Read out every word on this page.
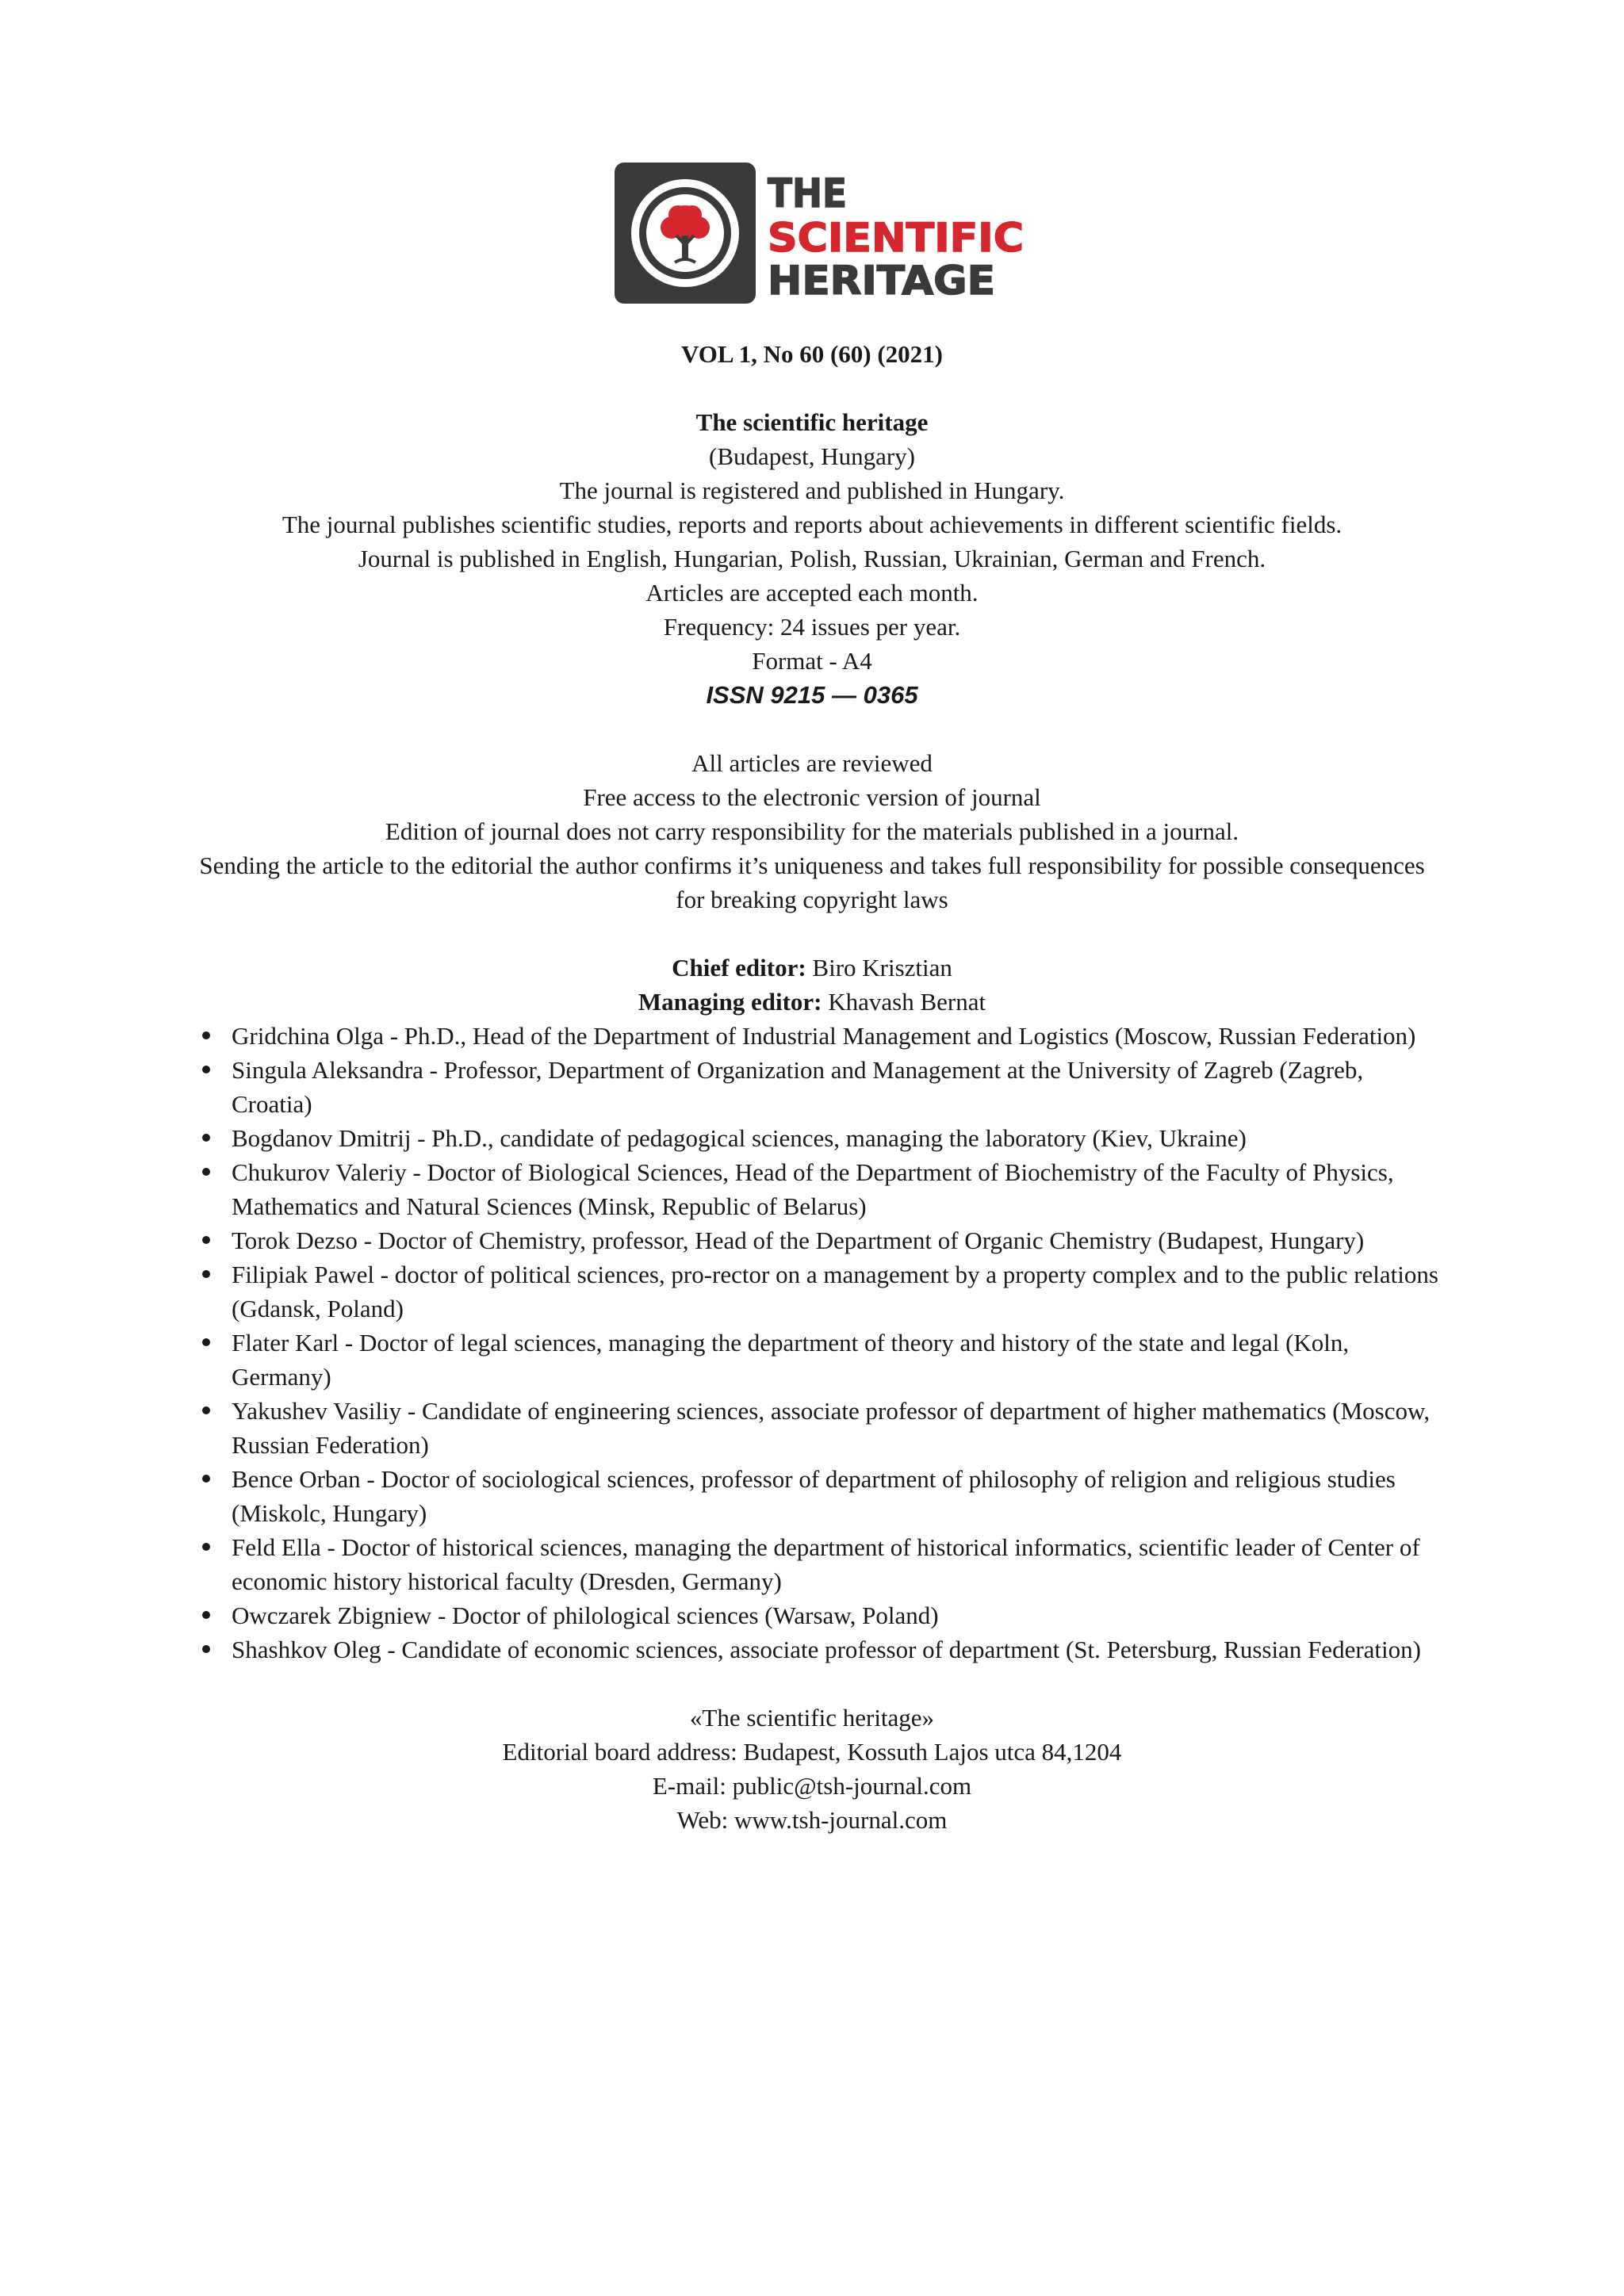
THE
SCIENTIFIC
HERITAGE
VOL 1, No 60 (60) (2021)
The scientific heritage
(Budapest, Hungary)
The journal is registered and published in Hungary.
The journal publishes scientific studies, reports and reports about achievements in different scientific fields.
Journal is published in English, Hungarian, Polish, Russian, Ukrainian, German and French.
Articles are accepted each month.
Frequency: 24 issues per year.
Format - A4
ISSN 9215 — 0365
All articles are reviewed
Free access to the electronic version of journal
Edition of journal does not carry responsibility for the materials published in a journal.
Sending the article to the editorial the author confirms it’s uniqueness and takes full responsibility for possible consequences for breaking copyright laws
Chief editor: Biro Krisztian
Managing editor: Khavash Bernat
Gridchina Olga - Ph.D., Head of the Department of Industrial Management and Logistics (Moscow, Russian Federation)
Singula Aleksandra - Professor, Department of Organization and Management at the University of Zagreb (Zagreb, Croatia)
Bogdanov Dmitrij - Ph.D., candidate of pedagogical sciences, managing the laboratory (Kiev, Ukraine)
Chukurov Valeriy - Doctor of Biological Sciences, Head of the Department of Biochemistry of the Faculty of Physics, Mathematics and Natural Sciences (Minsk, Republic of Belarus)
Torok Dezso - Doctor of Chemistry, professor, Head of the Department of Organic Chemistry (Budapest, Hungary)
Filipiak Pawel - doctor of political sciences, pro-rector on a management by a property complex and to the public relations (Gdansk, Poland)
Flater Karl - Doctor of legal sciences, managing the department of theory and history of the state and legal (Koln, Germany)
Yakushev Vasiliy - Candidate of engineering sciences, associate professor of department of higher mathematics (Moscow, Russian Federation)
Bence Orban - Doctor of sociological sciences, professor of department of philosophy of religion and religious studies (Miskolc, Hungary)
Feld Ella - Doctor of historical sciences, managing the department of historical informatics, scientific leader of Center of economic history historical faculty (Dresden, Germany)
Owczarek Zbigniew - Doctor of philological sciences (Warsaw, Poland)
Shashkov Oleg - Candidate of economic sciences, associate professor of department (St. Petersburg, Russian Federation)
«The scientific heritage»
Editorial board address: Budapest, Kossuth Lajos utca 84,1204
E-mail: public@tsh-journal.com
Web: www.tsh-journal.com
